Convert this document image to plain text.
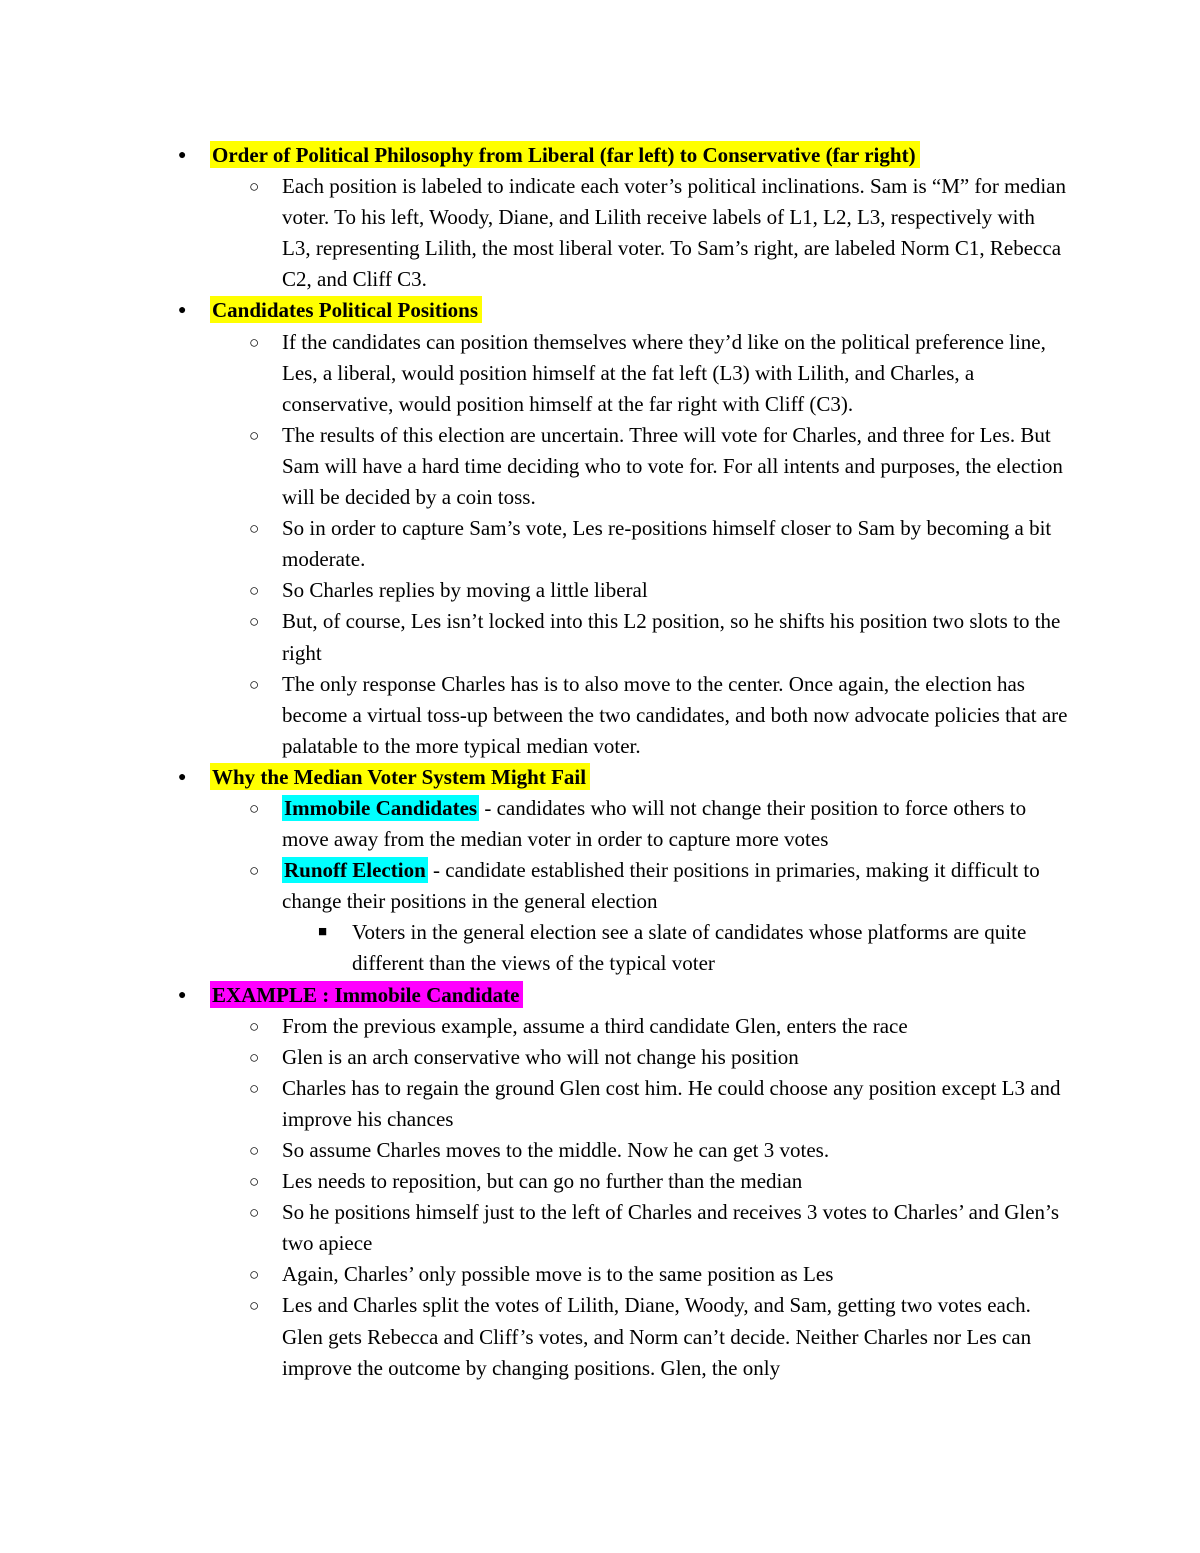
● Order of Political Philosophy from Liberal (far left) to Conservative (far right)
○ Each position is labeled to indicate each voter’s political inclinations. Sam is “M” for median voter. To his left, Woody, Diane, and Lilith receive labels of L1, L2, L3, respectively with L3, representing Lilith, the most liberal voter. To Sam’s right, are labeled Norm C1, Rebecca C2, and Cliff C3.
● Candidates Political Positions
○ If the candidates can position themselves where they’d like on the political preference line, Les, a liberal, would position himself at the fat left (L3) with Lilith, and Charles, a conservative, would position himself at the far right with Cliff (C3).
○ The results of this election are uncertain. Three will vote for Charles, and three for Les. But Sam will have a hard time deciding who to vote for. For all intents and purposes, the election will be decided by a coin toss.
○ So in order to capture Sam’s vote, Les re-positions himself closer to Sam by becoming a bit moderate.
○ So Charles replies by moving a little liberal
○ But, of course, Les isn’t locked into this L2 position, so he shifts his position two slots to the right
○ The only response Charles has is to also move to the center. Once again, the election has become a virtual toss-up between the two candidates, and both now advocate policies that are palatable to the more typical median voter.
● Why the Median Voter System Might Fail
○ Immobile Candidates - candidates who will not change their position to force others to move away from the median voter in order to capture more votes
○ Runoff Election - candidate established their positions in primaries, making it difficult to change their positions in the general election
■ Voters in the general election see a slate of candidates whose platforms are quite different than the views of the typical voter
● EXAMPLE : Immobile Candidate
○ From the previous example, assume a third candidate Glen, enters the race
○ Glen is an arch conservative who will not change his position
○ Charles has to regain the ground Glen cost him. He could choose any position except L3 and improve his chances
○ So assume Charles moves to the middle. Now he can get 3 votes.
○ Les needs to reposition, but can go no further than the median
○ So he positions himself just to the left of Charles and receives 3 votes to Charles’ and Glen’s two apiece
○ Again, Charles’ only possible move is to the same position as Les
○ Les and Charles split the votes of Lilith, Diane, Woody, and Sam, getting two votes each. Glen gets Rebecca and Cliff’s votes, and Norm can’t decide. Neither Charles nor Les can improve the outcome by changing positions. Glen, the only
